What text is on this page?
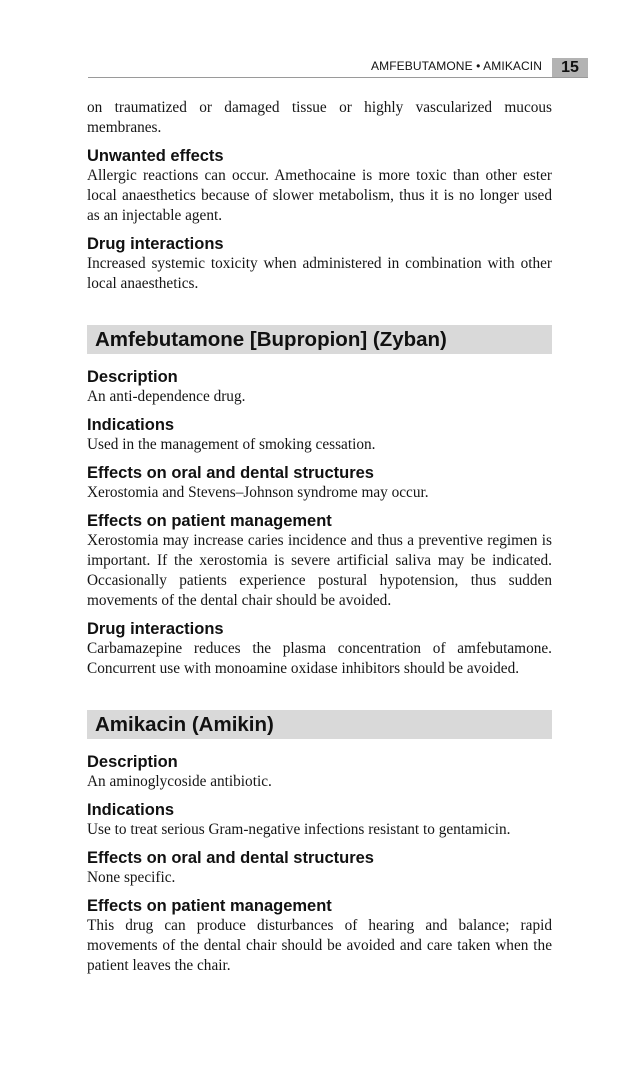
AMFEBUTAMONE • AMIKACIN	15

on traumatized or damaged tissue or highly vascularized mucous membranes.

Unwanted effects

Allergic reactions can occur. Amethocaine is more toxic than other ester local anaesthetics because of slower metabolism, thus it is no longer used as an injectable agent.

Drug interactions

Increased systemic toxicity when administered in combination with other local anaesthetics.

Amfebutamone [Bupropion] (Zyban)
Description

An anti-dependence drug.

Indications

Used in the management of smoking cessation.

Effects on oral and dental structures

Xerostomia and Stevens–Johnson syndrome may occur.

Effects on patient management

Xerostomia may increase caries incidence and thus a preventive regimen is important. If the xerostomia is severe artificial saliva may be indicated. Occasionally patients experience postural hypotension, thus sudden movements of the dental chair should be avoided.

Drug interactions

Carbamazepine reduces the plasma concentration of amfebutamone. Concurrent use with monoamine oxidase inhibitors should be avoided.

Amikacin (Amikin)
Description

An aminoglycoside antibiotic.

Indications

Use to treat serious Gram-negative infections resistant to gentamicin.

Effects on oral and dental structures

None specific.

Effects on patient management

This drug can produce disturbances of hearing and balance; rapid movements of the dental chair should be avoided and care taken when the patient leaves the chair.
